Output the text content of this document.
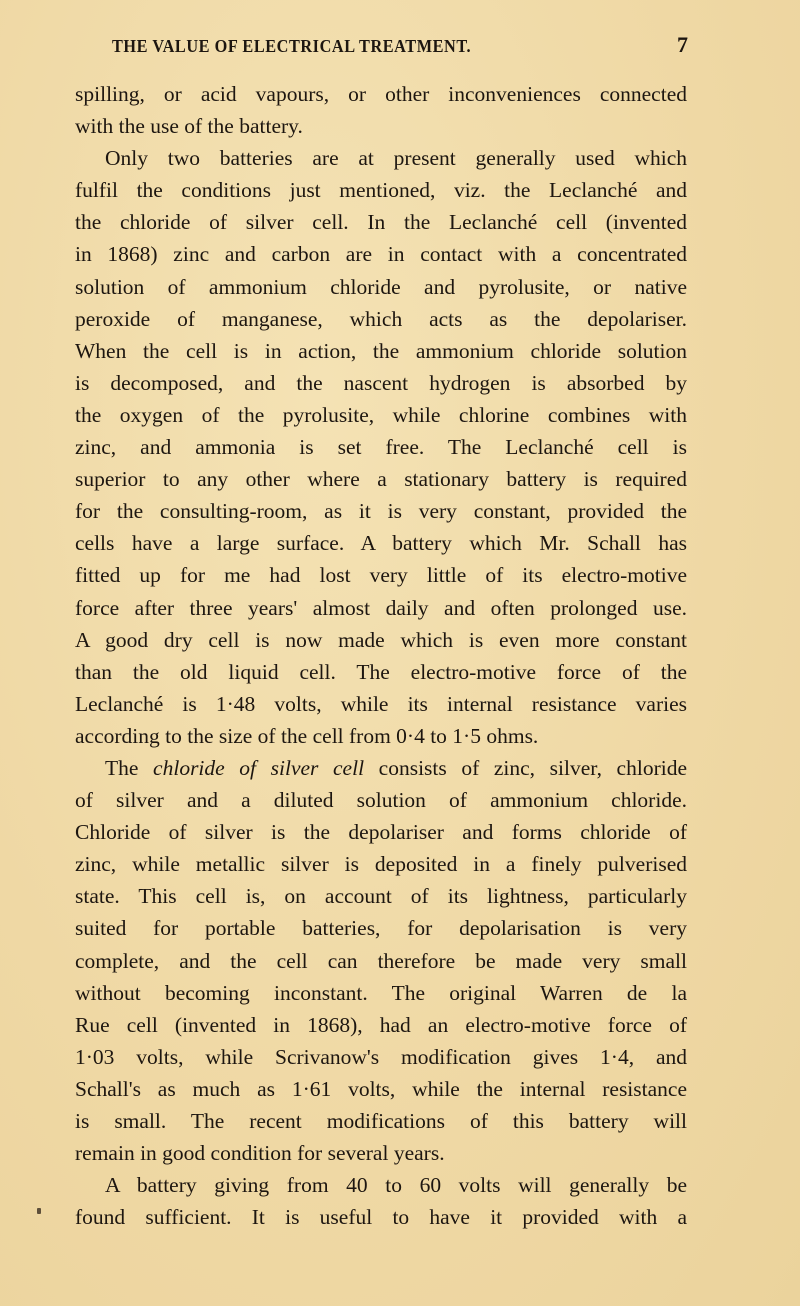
THE VALUE OF ELECTRICAL TREATMENT.	7
spilling, or acid vapours, or other inconveniences connected
with the use of the battery.
Only two batteries are at present generally used which
fulfil the conditions just mentioned, viz. the Leclanché and
the chloride of silver cell. In the Leclanché cell (invented
in 1868) zinc and carbon are in contact with a concentrated
solution of ammonium chloride and pyrolusite, or native
peroxide of manganese, which acts as the depolariser.
When the cell is in action, the ammonium chloride solution
is decomposed, and the nascent hydrogen is absorbed by
the oxygen of the pyrolusite, while chlorine combines with
zinc, and ammonia is set free. The Leclanché cell is
superior to any other where a stationary battery is required
for the consulting-room, as it is very constant, provided the
cells have a large surface. A battery which Mr. Schall has
fitted up for me had lost very little of its electro-motive
force after three years' almost daily and often prolonged use.
A good dry cell is now made which is even more constant
than the old liquid cell. The electro-motive force of the
Leclanché is 1·48 volts, while its internal resistance varies
according to the size of the cell from 0·4 to 1·5 ohms.
The chloride of silver cell consists of zinc, silver, chloride
of silver and a diluted solution of ammonium chloride.
Chloride of silver is the depolariser and forms chloride of
zinc, while metallic silver is deposited in a finely pulverised
state. This cell is, on account of its lightness, particularly
suited for portable batteries, for depolarisation is very
complete, and the cell can therefore be made very small
without becoming inconstant. The original Warren de la
Rue cell (invented in 1868), had an electro-motive force of
1·03 volts, while Scrivanow's modification gives 1·4, and
Schall's as much as 1·61 volts, while the internal resistance
is small. The recent modifications of this battery will
remain in good condition for several years.
A battery giving from 40 to 60 volts will generally be
found sufficient. It is useful to have it provided with a
